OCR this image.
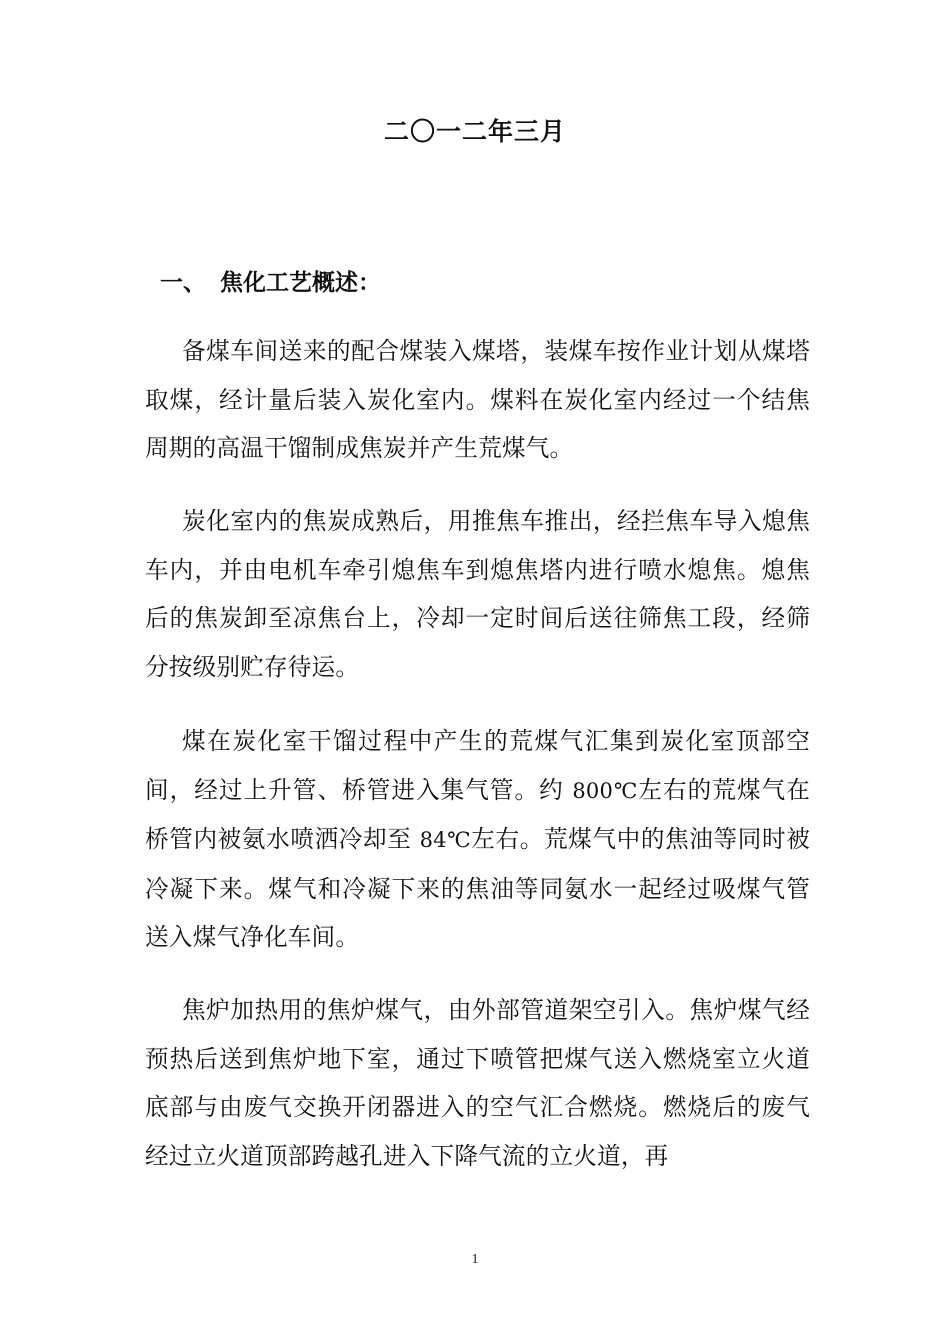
二〇一二年三月
一、 焦化工艺概述：

备煤车间送来的配合煤装入煤塔，装煤车按作业计划从煤塔取煤，经计量后装入炭化室内。煤料在炭化室内经过一个结焦周期的高温干馏制成焦炭并产生荒煤气。

炭化室内的焦炭成熟后，用推焦车推出，经拦焦车导入熄焦车内，并由电机车牵引熄焦车到熄焦塔内进行喷水熄焦。熄焦后的焦炭卸至凉焦台上，冷却一定时间后送往筛焦工段，经筛分按级别贮存待运。

煤在炭化室干馏过程中产生的荒煤气汇集到炭化室顶部空间，经过上升管、桥管进入集气管。约 800℃左右的荒煤气在桥管内被氨水喷洒冷却至 84℃左右。荒煤气中的焦油等同时被冷凝下来。煤气和冷凝下来的焦油等同氨水一起经过吸煤气管送入煤气净化车间。

焦炉加热用的焦炉煤气，由外部管道架空引入。焦炉煤气经预热后送到焦炉地下室，通过下喷管把煤气送入燃烧室立火道底部与由废气交换开闭器进入的空气汇合燃烧。燃烧后的废气经过立火道顶部跨越孔进入下降气流的立火道，再

1
